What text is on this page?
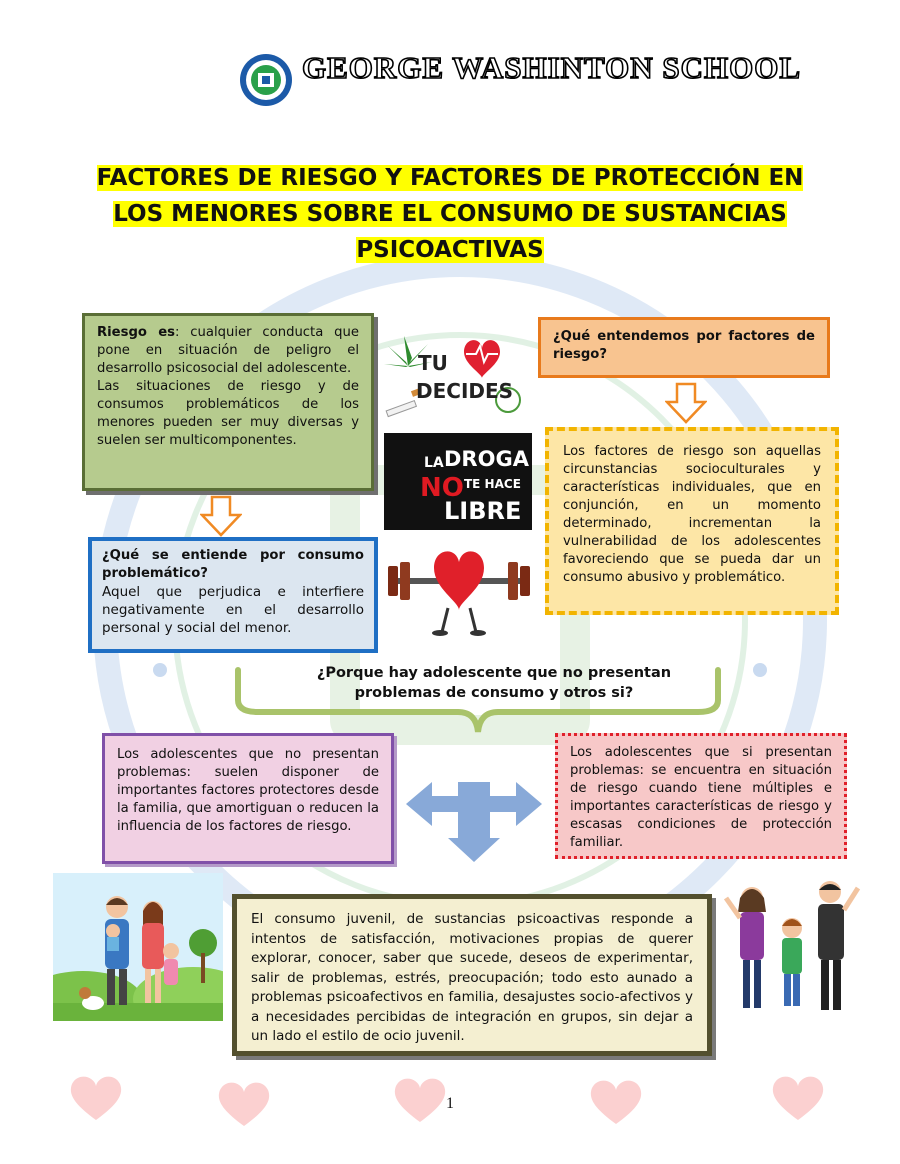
GEORGE WASHINTON SCHOOL
FACTORES DE RIESGO Y FACTORES DE PROTECCIÓN EN
LOS MENORES SOBRE EL CONSUMO DE SUSTANCIAS
PSICOACTIVAS

Riesgo es: cualquier conducta que pone en situación de peligro el desarrollo psicosocial del adolescente.

Las situaciones de riesgo y de consumos problemáticos de los menores pueden ser muy diversas y suelen ser multicomponentes.

¿Qué se entiende por consumo problemático?

Aquel que perjudica e interfiere negativamente en el desarrollo personal y social del menor.

¿Qué entendemos por factores de riesgo?

Los factores de riesgo son aquellas circunstancias socioculturales y características individuales, que en conjunción, en un momento determinado, incrementan la vulnerabilidad de los adolescentes favoreciendo que se pueda dar un consumo abusivo y problemático.

TU
DECIDES
LA DROGA
NO TE HACE
LIBRE
¿Porque hay adolescente que no presentan
problemas de consumo y otros si?

Los adolescentes que no presentan problemas: suelen disponer de importantes factores protectores desde la familia, que amortiguan o reducen la influencia de los factores de riesgo.

Los adolescentes que si presentan problemas: se encuentra en situación de riesgo cuando tiene múltiples e importantes características de riesgo y escasas condiciones de protección familiar.

El consumo juvenil, de sustancias psicoactivas responde a intentos de satisfacción, motivaciones propias de querer explorar, conocer, saber que sucede, deseos de experimentar, salir de problemas, estrés, preocupación; todo esto aunado a problemas psicoafectivos en familia, desajustes socio-afectivos y a necesidades percibidas de integración en grupos, sin dejar a un lado el estilo de ocio juvenil.

1
